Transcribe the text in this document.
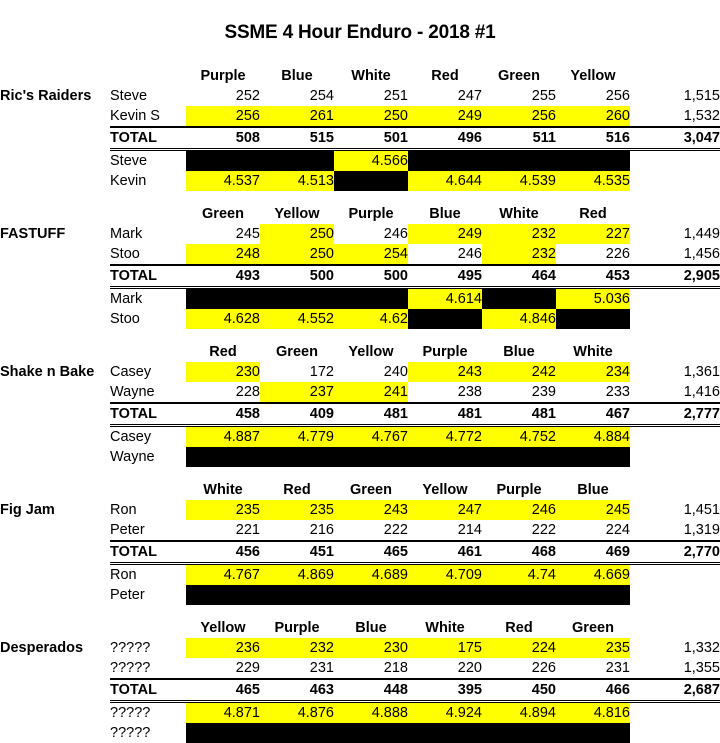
SSME 4 Hour Enduro - 2018 #1
		Purple	Blue	White	Red	Green	Yellow	
Ric's Raiders	Steve	252	254	251	247	255	256	1,515
	Kevin S	256	261	250	249	256	260	1,532
	TOTAL	508	515	501	496	511	516	3,047
	Steve			4.566				
	Kevin	4.537	4.513		4.644	4.539	4.535	

		Green	Yellow	Purple	Blue	White	Red	
FASTUFF	Mark	245	250	246	249	232	227	1,449
	Stoo	248	250	254	246	232	226	1,456
	TOTAL	493	500	500	495	464	453	2,905
	Mark				4.614		5.036	
	Stoo	4.628	4.552	4.62		4.846		

		Red	Green	Yellow	Purple	Blue	White	
Shake n Bake	Casey	230	172	240	243	242	234	1,361
	Wayne	228	237	241	238	239	233	1,416
	TOTAL	458	409	481	481	481	467	2,777
	Casey	4.887	4.779	4.767	4.772	4.752	4.884	
	Wayne							

		White	Red	Green	Yellow	Purple	Blue	
Fig Jam	Ron	235	235	243	247	246	245	1,451
	Peter	221	216	222	214	222	224	1,319
	TOTAL	456	451	465	461	468	469	2,770
	Ron	4.767	4.869	4.689	4.709	4.74	4.669	
	Peter							

		Yellow	Purple	Blue	White	Red	Green	
Desperados	?????	236	232	230	175	224	235	1,332
	?????	229	231	218	220	226	231	1,355
	TOTAL	465	463	448	395	450	466	2,687
	?????	4.871	4.876	4.888	4.924	4.894	4.816	
	?????							
